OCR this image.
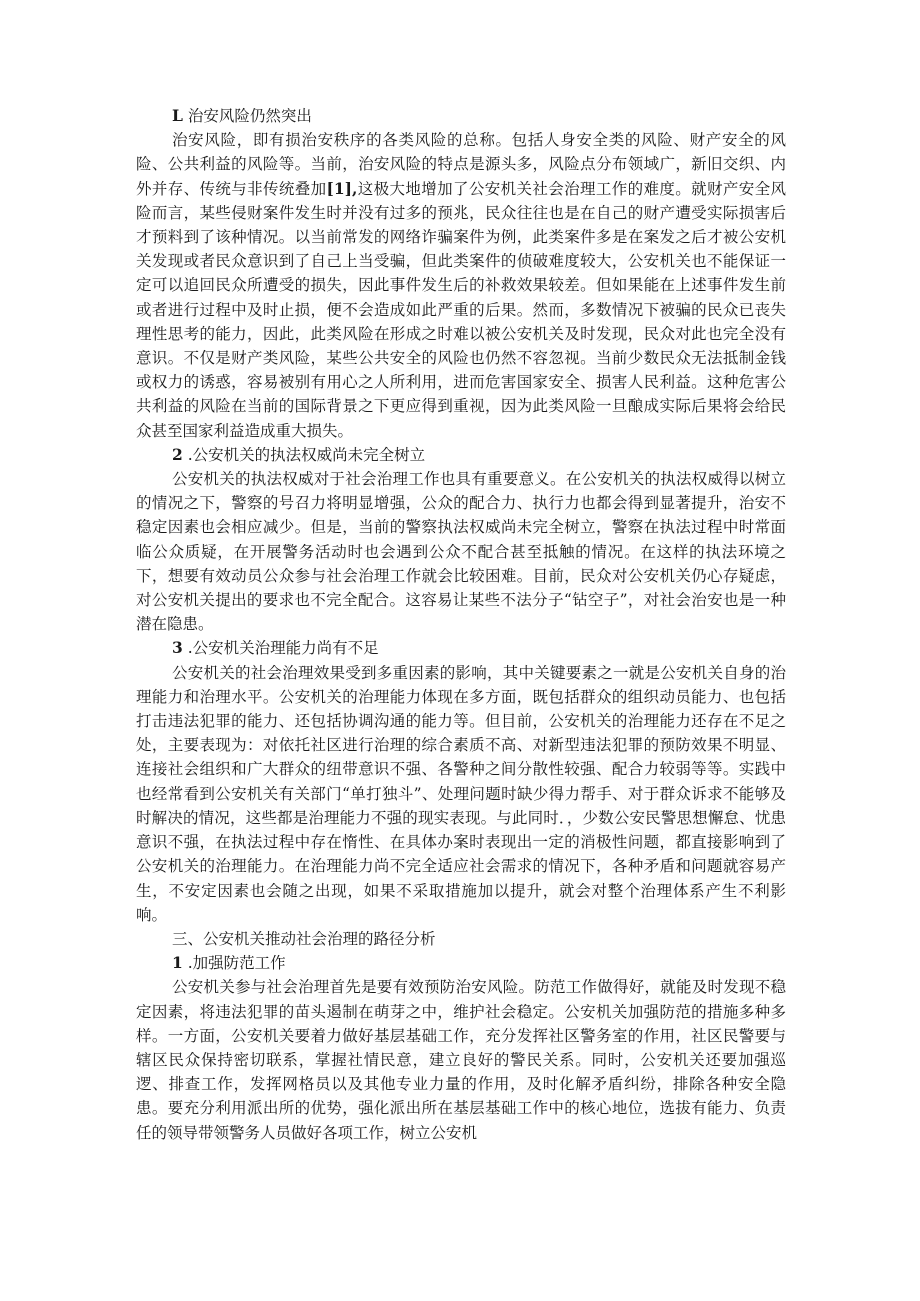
L 治安风险仍然突出

治安风险，即有损治安秩序的各类风险的总称。包括人身安全类的风险、财产安全的风险、公共利益的风险等。当前，治安风险的特点是源头多，风险点分布领域广，新旧交织、内外并存、传统与非传统叠加[1],这极大地增加了公安机关社会治理工作的难度。就财产安全风险而言，某些侵财案件发生时并没有过多的预兆，民众往往也是在自己的财产遭受实际损害后才预料到了该种情况。以当前常发的网络诈骗案件为例，此类案件多是在案发之后才被公安机关发现或者民众意识到了自己上当受骗，但此类案件的侦破难度较大，公安机关也不能保证一定可以追回民众所遭受的损失，因此事件发生后的补救效果较差。但如果能在上述事件发生前或者进行过程中及时止损，便不会造成如此严重的后果。然而，多数情况下被骗的民众已丧失理性思考的能力，因此，此类风险在形成之时难以被公安机关及时发现，民众对此也完全没有意识。不仅是财产类风险，某些公共安全的风险也仍然不容忽视。当前少数民众无法抵制金钱或权力的诱惑，容易被别有用心之人所利用，进而危害国家安全、损害人民利益。这种危害公共利益的风险在当前的国际背景之下更应得到重视，因为此类风险一旦酿成实际后果将会给民众甚至国家利益造成重大损失。

2 .公安机关的执法权威尚未完全树立

公安机关的执法权威对于社会治理工作也具有重要意义。在公安机关的执法权威得以树立的情况之下，警察的号召力将明显增强，公众的配合力、执行力也都会得到显著提升，治安不稳定因素也会相应减少。但是，当前的警察执法权威尚未完全树立，警察在执法过程中时常面临公众质疑，在开展警务活动时也会遇到公众不配合甚至抵触的情况。在这样的执法环境之下，想要有效动员公众参与社会治理工作就会比较困难。目前，民众对公安机关仍心存疑虑，对公安机关提出的要求也不完全配合。这容易让某些不法分子“钻空子”，对社会治安也是一种潜在隐患。

3 .公安机关治理能力尚有不足

公安机关的社会治理效果受到多重因素的影响，其中关键要素之一就是公安机关自身的治理能力和治理水平。公安机关的治理能力体现在多方面，既包括群众的组织动员能力、也包括打击违法犯罪的能力、还包括协调沟通的能力等。但目前，公安机关的治理能力还存在不足之处，主要表现为：对依托社区进行治理的综合素质不高、对新型违法犯罪的预防效果不明显、连接社会组织和广大群众的纽带意识不强、各警种之间分散性较强、配合力较弱等等。实践中也经常看到公安机关有关部门“单打独斗”、处理问题时缺少得力帮手、对于群众诉求不能够及时解决的情况，这些都是治理能力不强的现实表现。与此同时．，少数公安民警思想懈怠、忧患意识不强，在执法过程中存在惰性、在具体办案时表现出一定的消极性问题，都直接影响到了公安机关的治理能力。在治理能力尚不完全适应社会需求的情况下，各种矛盾和问题就容易产生，不安定因素也会随之出现，如果不采取措施加以提升，就会对整个治理体系产生不利影响。

三、公安机关推动社会治理的路径分析

1 .加强防范工作

公安机关参与社会治理首先是要有效预防治安风险。防范工作做得好，就能及时发现不稳定因素，将违法犯罪的苗头遏制在萌芽之中，维护社会稳定。公安机关加强防范的措施多种多样。一方面，公安机关要着力做好基层基础工作，充分发挥社区警务室的作用，社区民警要与辖区民众保持密切联系，掌握社情民意，建立良好的警民关系。同时，公安机关还要加强巡逻、排查工作，发挥网格员以及其他专业力量的作用，及时化解矛盾纠纷，排除各种安全隐患。要充分利用派出所的优势，强化派出所在基层基础工作中的核心地位，选拔有能力、负责任的领导带领警务人员做好各项工作，树立公安机
